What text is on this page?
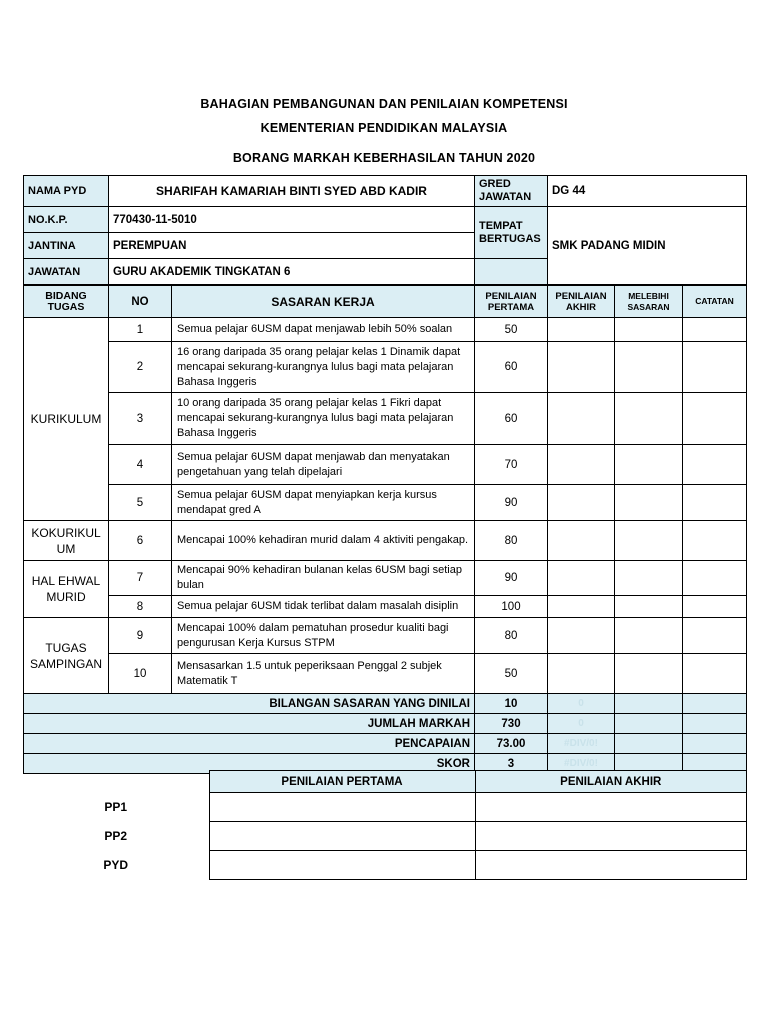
BAHAGIAN PEMBANGUNAN DAN PENILAIAN KOMPETENSI
KEMENTERIAN PENDIDIKAN MALAYSIA
BORANG MARKAH KEBERHASILAN TAHUN 2020
NAMA PYD	SHARIFAH KAMARIAH BINTI SYED ABD KADIR	GRED JAWATAN	DG 44
NO.K.P.	770430-11-5010	TEMPAT BERTUGAS	SMK PADANG MIDIN
JANTINA	PEREMPUAN		
JAWATAN	GURU AKADEMIK TINGKATAN 6		
BIDANG TUGAS	NO	SASARAN KERJA	PENILAIAN PERTAMA	PENILAIAN AKHIR	MELEBIHI SASARAN	CATATAN
KURIKULUM	1	Semua pelajar 6USM dapat menjawab lebih 50% soalan	50			
	2	16 orang daripada 35 orang pelajar kelas 1 Dinamik dapat mencapai sekurang-kurangnya lulus bagi mata pelajaran Bahasa Inggeris	60			
	3	10 orang daripada 35 orang pelajar kelas 1 Fikri dapat mencapai sekurang-kurangnya lulus bagi mata pelajaran Bahasa Inggeris	60			
	4	Semua pelajar 6USM dapat menjawab dan menyatakan pengetahuan yang telah dipelajari	70			
	5	Semua pelajar 6USM dapat menyiapkan kerja kursus mendapat gred A	90			
KOKURIKUL UM	6	Mencapai 100% kehadiran murid dalam 4 aktiviti pengakap.	80			
HAL EHWAL MURID	7	Mencapai 90% kehadiran bulanan kelas 6USM bagi setiap bulan	90			
	8	Semua pelajar 6USM tidak terlibat dalam masalah disiplin	100			
TUGAS SAMPINGAN	9	Mencapai 100% dalam pematuhan prosedur kualiti bagi pengurusan Kerja Kursus STPM	80			
	10	Mensasarkan 1.5 untuk peperiksaan Penggal 2 subjek Matematik T	50			
BILANGAN SASARAN YANG DINILAI			10	0		
JUMLAH MARKAH			730	0		
PENCAPAIAN			73.00	#DIV/0!		
SKOR			3	#DIV/0!		
	PENILAIAN PERTAMA	PENILAIAN AKHIR
PP1		
PP2		
PYD		
